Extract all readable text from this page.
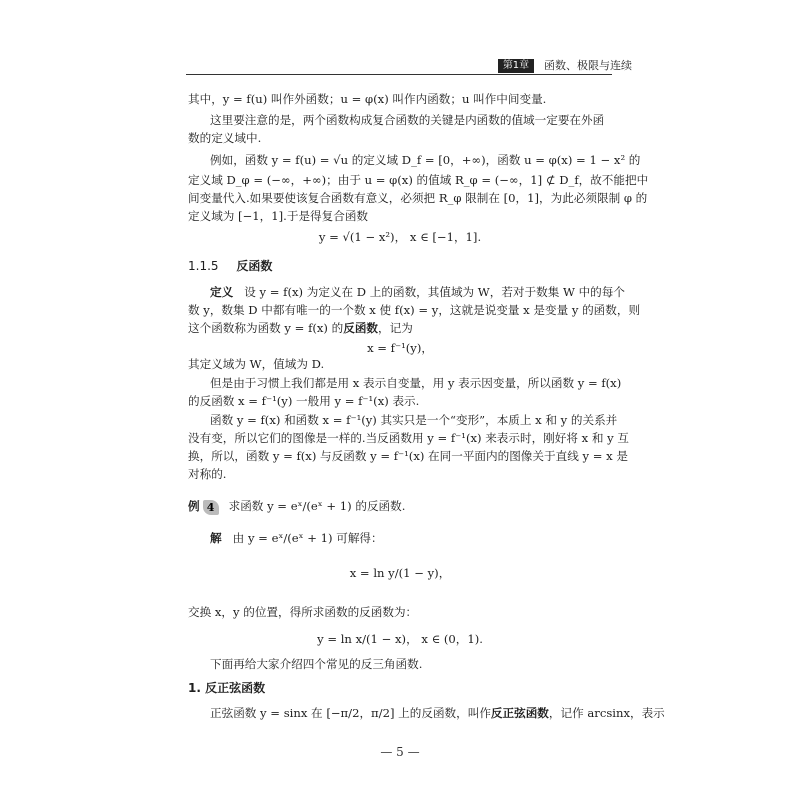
第1章	函数、极限与连续
其中，y = f(u) 叫作外函数；u = φ(x) 叫作内函数；u 叫作中间变量.
这里要注意的是，两个函数构成复合函数的关键是内函数的值域一定要在外函
数的定义域中.
例如，函数 y = f(u) = √u 的定义域 D_f = [0，+∞)，函数 u = φ(x) = 1 − x² 的
定义域 D_φ = (−∞，+∞)；由于 u = φ(x) 的值域 R_φ = (−∞，1] ⊄ D_f，故不能把中
间变量代入.如果要使该复合函数有意义，必须把 R_φ 限制在 [0，1]，为此必须限制 φ 的
定义域为 [−1，1].于是得复合函数
y = √(1 − x²)， x ∈ [−1，1].
1.1.5 反函数
定义 设 y = f(x) 为定义在 D 上的函数，其值域为 W，若对于数集 W 中的每个
数 y，数集 D 中都有唯一的一个数 x 使 f(x) = y，这就是说变量 x 是变量 y 的函数，则
这个函数称为函数 y = f(x) 的反函数，记为
x = f⁻¹(y)，
其定义域为 W，值域为 D.
但是由于习惯上我们都是用 x 表示自变量，用 y 表示因变量，所以函数 y = f(x)
的反函数 x = f⁻¹(y) 一般用 y = f⁻¹(x) 表示.
函数 y = f(x) 和函数 x = f⁻¹(y) 其实只是一个“变形”，本质上 x 和 y 的关系并
没有变，所以它们的图像是一样的.当反函数用 y = f⁻¹(x) 来表示时，刚好将 x 和 y 互
换，所以，函数 y = f(x) 与反函数 y = f⁻¹(x) 在同一平面内的图像关于直线 y = x 是
对称的.
例 4 求函数 y = eˣ/(eˣ + 1) 的反函数.
解 由 y = eˣ/(eˣ + 1) 可解得：
x = ln y/(1 − y)，
交换 x，y 的位置，得所求函数的反函数为：
y = ln x/(1 − x)， x ∈ (0，1).
下面再给大家介绍四个常见的反三角函数.
1. 反正弦函数
正弦函数 y = sinx 在 [−π/2，π/2] 上的反函数，叫作反正弦函数，记作 arcsinx，表示
— 5 —
